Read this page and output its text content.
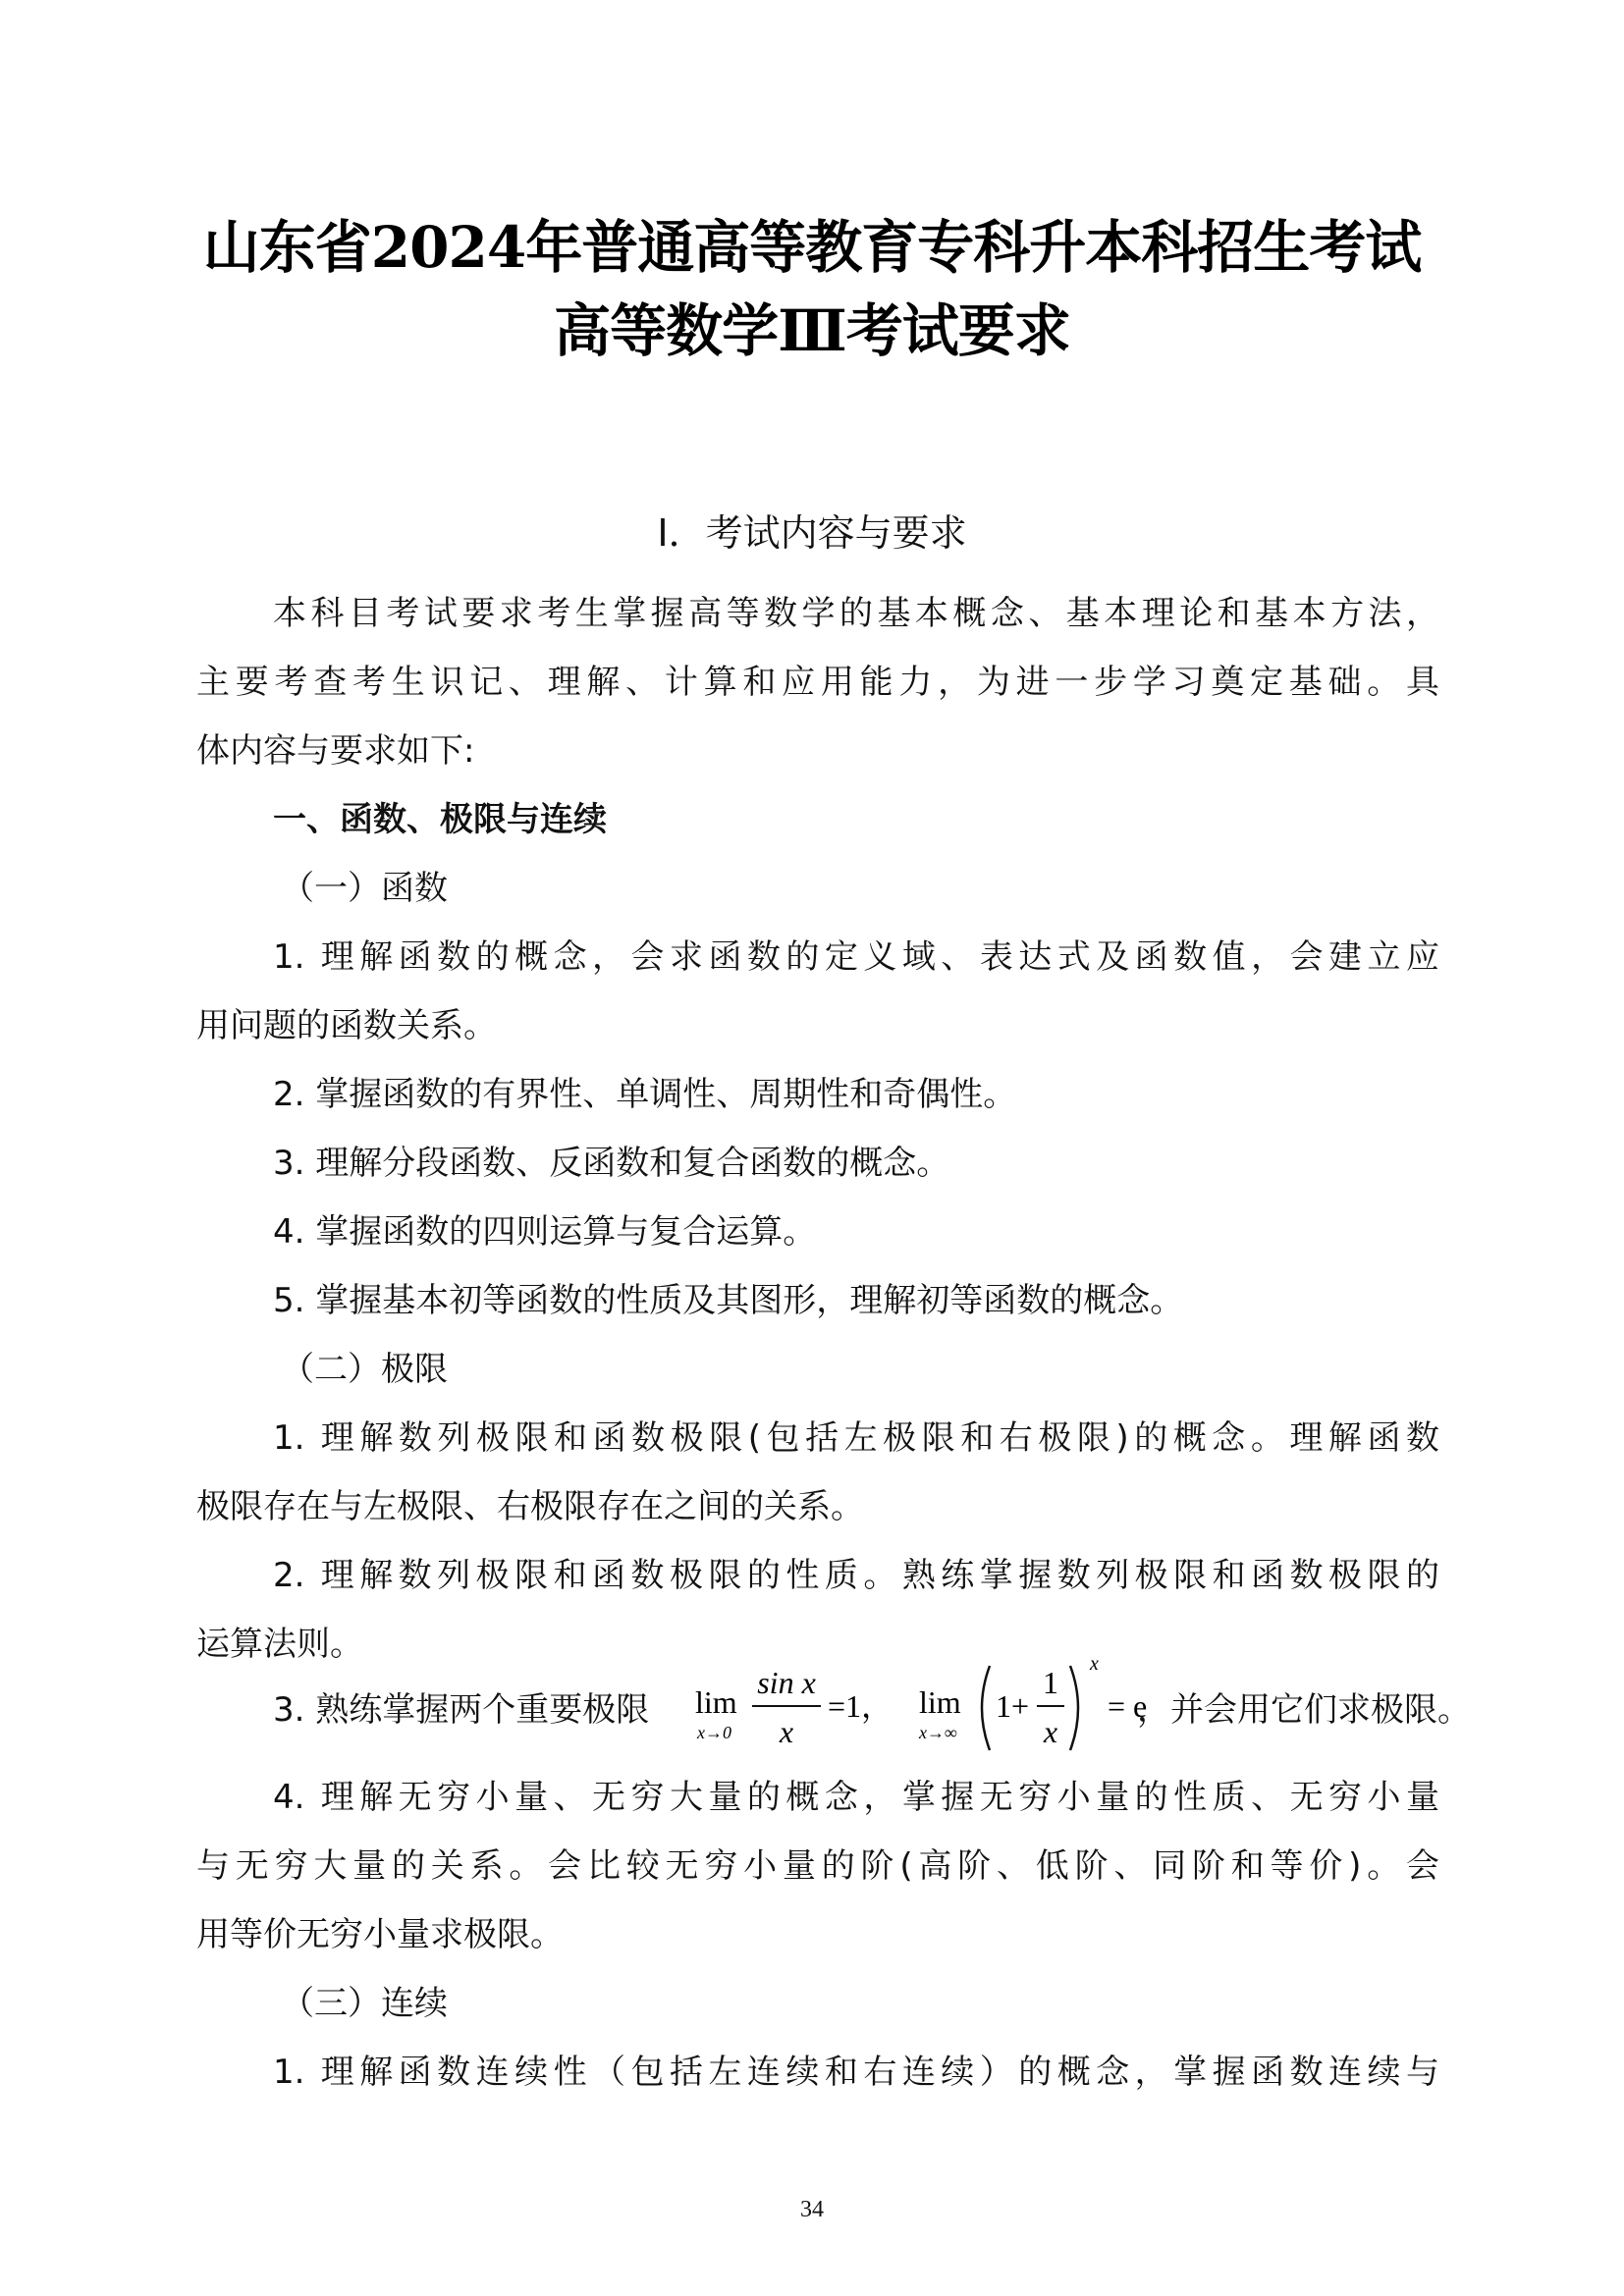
山东省2024年普通高等教育专科升本科招生考试
高等数学Ⅲ考试要求
Ⅰ．考试内容与要求
本科目考试要求考生掌握高等数学的基本概念、基本理论和基本方法，
主要考查考生识记、理解、计算和应用能力，为进一步学习奠定基础。具
体内容与要求如下:
一、函数、极限与连续
（一）函数
1. 理解函数的概念，会求函数的定义域、表达式及函数值，会建立应
用问题的函数关系。
2. 掌握函数的有界性、单调性、周期性和奇偶性。
3. 理解分段函数、反函数和复合函数的概念。
4. 掌握函数的四则运算与复合运算。
5. 掌握基本初等函数的性质及其图形，理解初等函数的概念。
（二）极限
1. 理解数列极限和函数极限(包括左极限和右极限)的概念。理解函数
极限存在与左极限、右极限存在之间的关系。
2. 理解数列极限和函数极限的性质。熟练掌握数列极限和函数极限的
运算法则。
3. 熟练掌握两个重要极限 lim
x→0
sin x
x
=1， lim
x→∞
1+
1
x
x
= e
，并会用它们求极限。
4. 理解无穷小量、无穷大量的概念，掌握无穷小量的性质、无穷小量
与无穷大量的关系。会比较无穷小量的阶(高阶、低阶、同阶和等价)。会
用等价无穷小量求极限。
（三）连续
1. 理解函数连续性（包括左连续和右连续）的概念，掌握函数连续与
34
